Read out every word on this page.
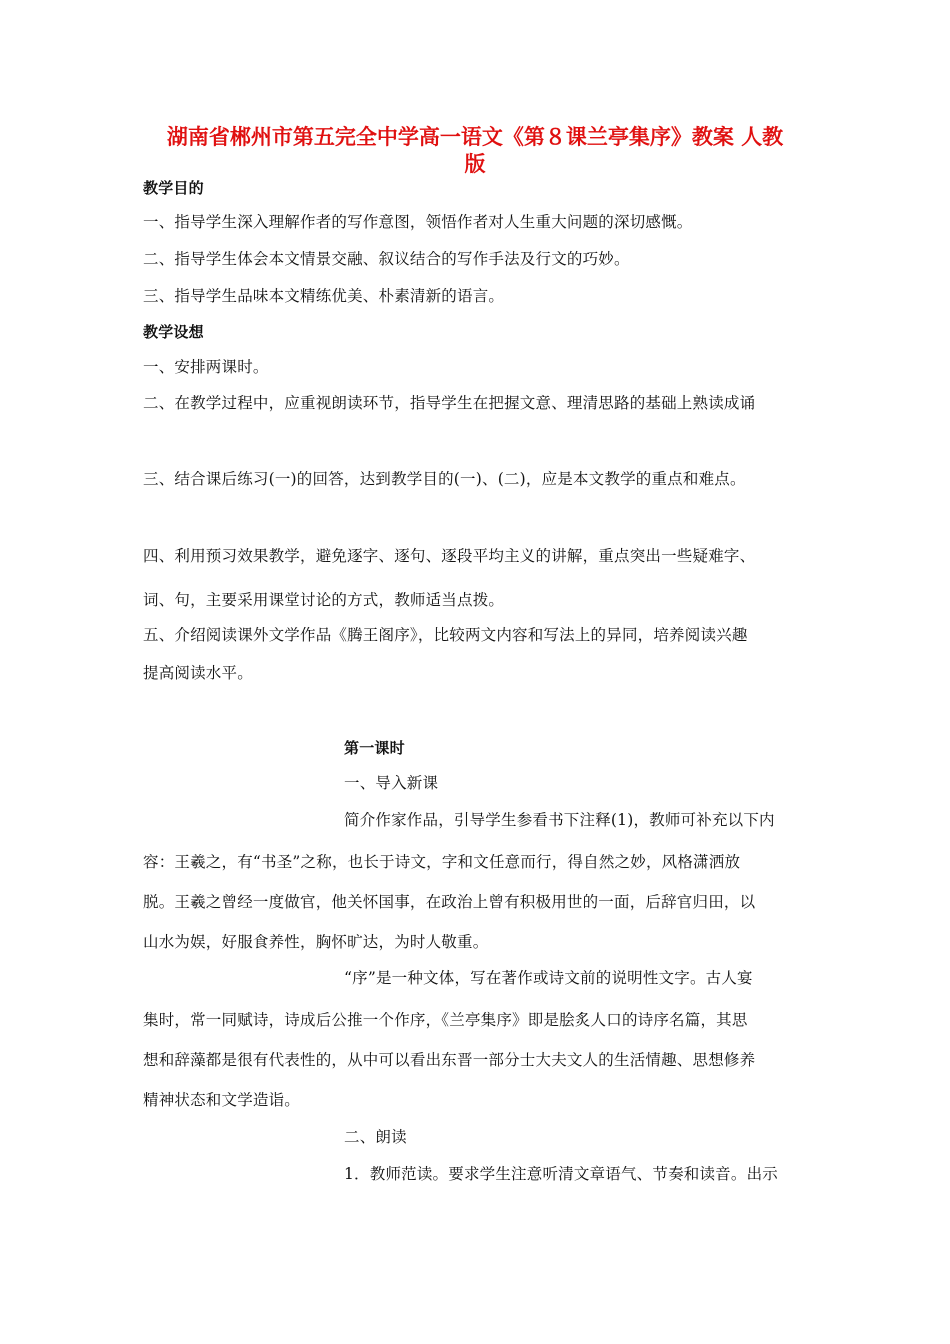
湖南省郴州市第五完全中学高一语文《第８课兰亭集序》教案 人教
版
教学目的
一、指导学生深入理解作者的写作意图，领悟作者对人生重大问题的深切感慨。
二、指导学生体会本文情景交融、叙议结合的写作手法及行文的巧妙。
三、指导学生品味本文精练优美、朴素清新的语言。
教学设想
一、安排两课时。
二、在教学过程中，应重视朗读环节，指导学生在把握文意、理清思路的基础上熟读成诵
三、结合课后练习(一)的回答，达到教学目的(一)、(二)，应是本文教学的重点和难点。
四、利用预习效果教学，避免逐字、逐句、逐段平均主义的讲解，重点突出一些疑难字、
词、句，主要采用课堂讨论的方式，教师适当点拨。
五、介绍阅读课外文学作品《腾王阁序》，比较两文内容和写法上的异同，培养阅读兴趣
提高阅读水平。
第一课时
一、导入新课
简介作家作品，引导学生参看书下注释(1)，教师可补充以下内
容：王羲之，有“书圣”之称，也长于诗文，字和文任意而行，得自然之妙，风格潇洒放
脱。王羲之曾经一度做官，他关怀国事，在政治上曾有积极用世的一面，后辞官归田，以
山水为娱，好服食养性，胸怀旷达，为时人敬重。
“序”是一种文体，写在著作或诗文前的说明性文字。古人宴
集时，常一同赋诗，诗成后公推一个作序，《兰亭集序》即是脍炙人口的诗序名篇，其思
想和辞藻都是很有代表性的，从中可以看出东晋一部分士大夫文人的生活情趣、思想修养
精神状态和文学造诣。
二、朗读
1．教师范读。要求学生注意听清文章语气、节奏和读音。出示
